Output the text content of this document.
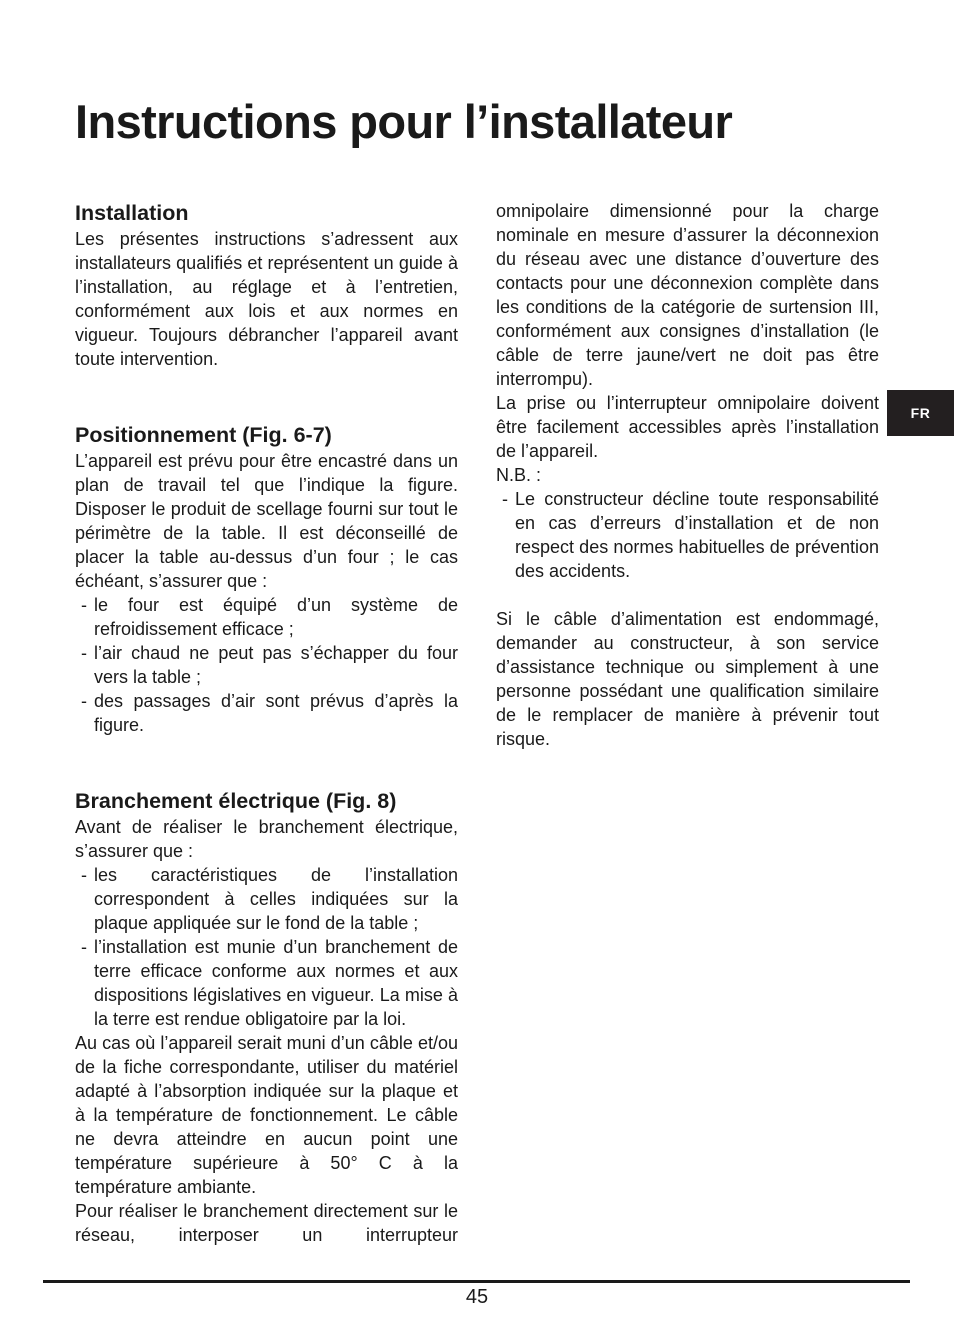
Instructions pour l’installateur
Installation

Les présentes instructions s’adressent aux installateurs qualifiés et représentent un guide à l’installation, au réglage et à l’entretien, conformément aux lois et aux normes en vigueur. Toujours débrancher l’appareil avant toute intervention.

Positionnement (Fig. 6-7)

L’appareil est prévu pour être encastré dans un plan de travail tel que l’indique la figure. Disposer le produit de scellage fourni sur tout le périmètre de la table. Il est déconseillé de placer la table au-dessus d’un four ; le cas échéant, s’assurer que :

- le four est équipé d’un système de refroidissement efficace ;
- l’air chaud ne peut pas s’échapper du four vers la table ;
- des passages d’air sont prévus d’après la figure.
Branchement électrique (Fig. 8)

Avant de réaliser le branchement électrique, s’assurer que :

- les caractéristiques de l’installation correspondent à celles indiquées sur la plaque appliquée sur le fond de la table ;
- l’installation est munie d’un branchement de terre efficace conforme aux normes et aux dispositions législatives en vigueur. La mise à la terre est rendue obligatoire par la loi.

Au cas où l’appareil serait muni d’un câble et/ou de la fiche correspondante, utiliser du matériel adapté à l’absorption indiquée sur la plaque et à la température de fonctionnement. Le câble ne devra atteindre en aucun point une température supérieure à 50° C à la température ambiante.

Pour réaliser le branchement directement sur le réseau, interposer un interrupteur

omnipolaire dimensionné pour la charge nominale en mesure d’assurer la déconnexion du réseau avec une distance d’ouverture des contacts pour une déconnexion complète dans les conditions de la catégorie de surtension III, conformément aux consignes d’installation (le câble de terre jaune/vert ne doit pas être interrompu).

La prise ou l’interrupteur omnipolaire doivent être facilement accessibles après l’installation de l’appareil.

N.B. :

- Le constructeur décline toute responsabilité en cas d’erreurs d’installation et de non respect des normes habituelles de prévention des accidents.

Si le câble d’alimentation est endommagé, demander au constructeur, à son service d’assistance technique ou simplement à une personne possédant une qualification similaire de le remplacer de manière à prévenir tout risque.

FR
45
